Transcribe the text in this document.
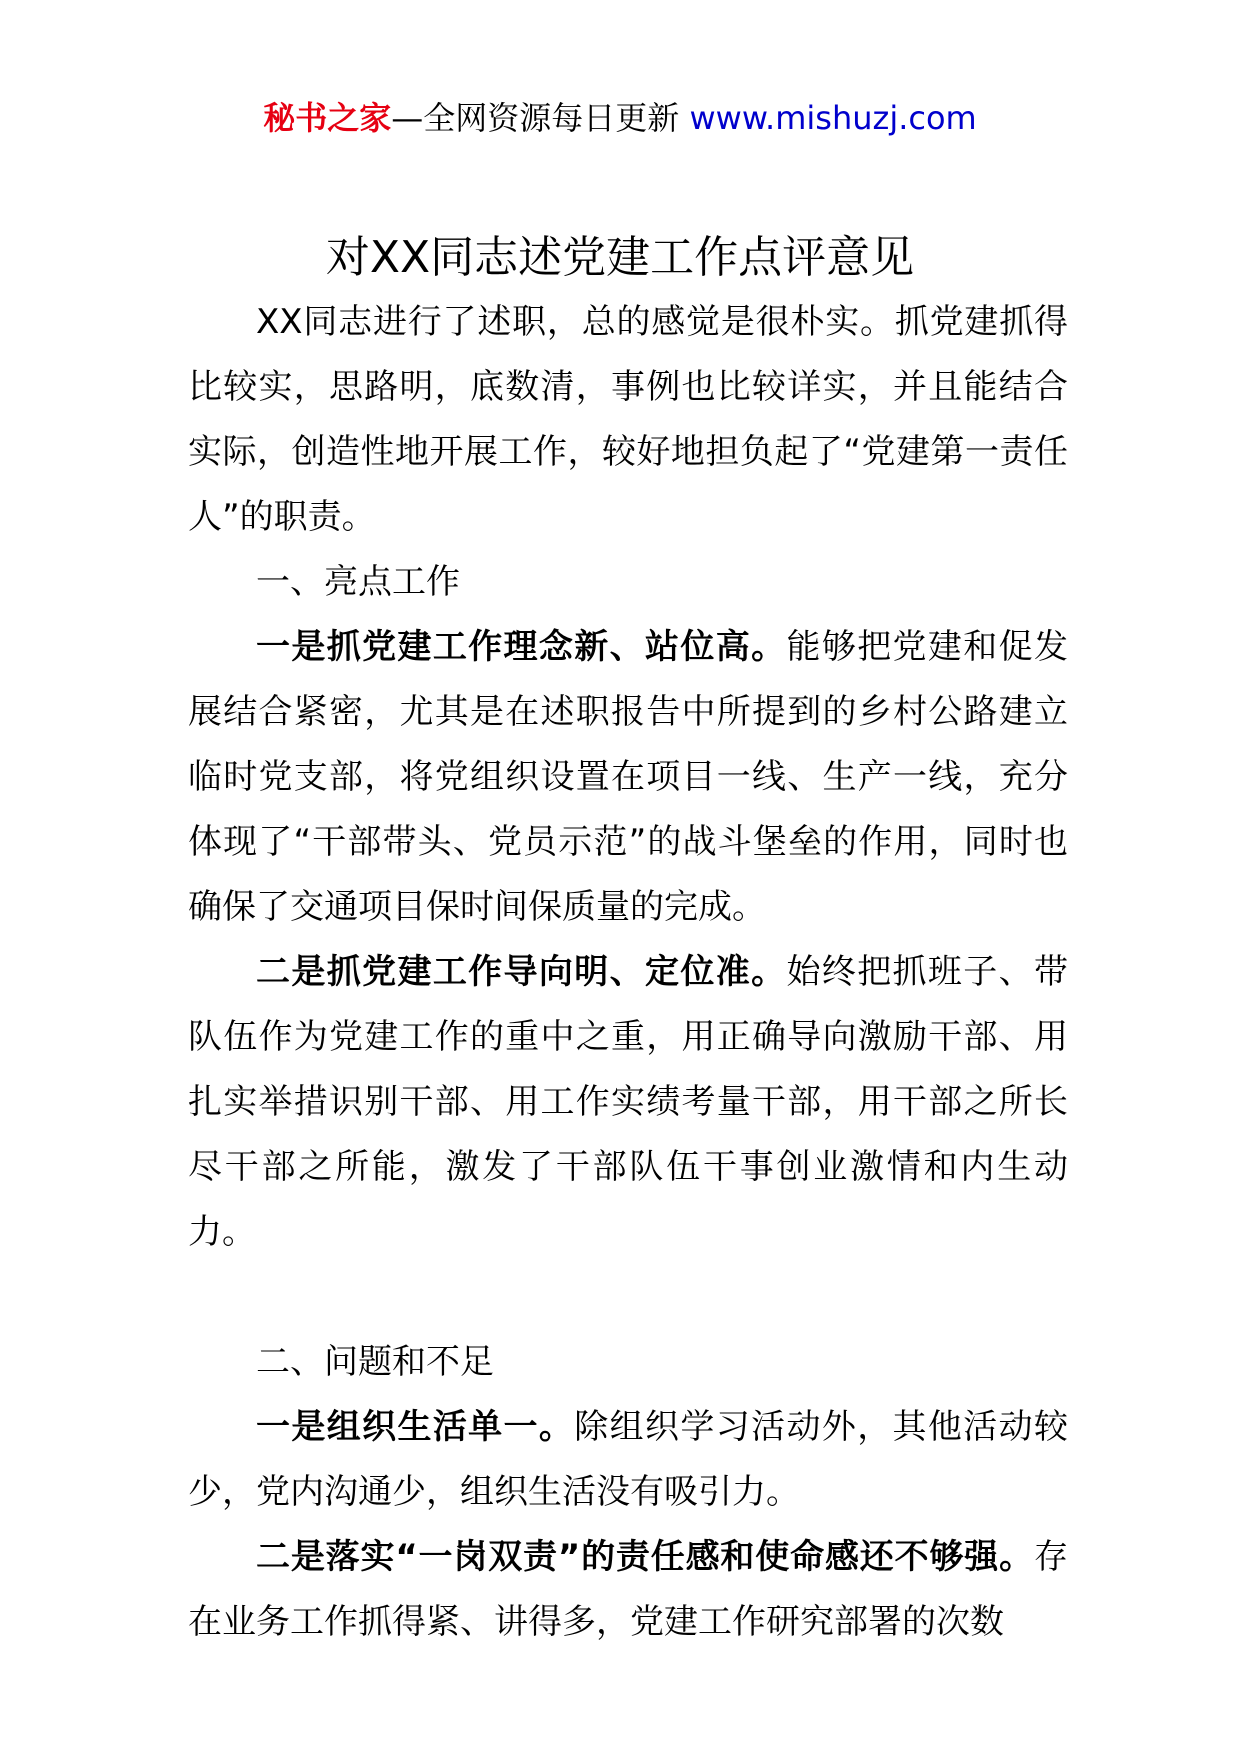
秘书之家—全网资源每日更新 www.mishuzj.com
对XX同志述党建工作点评意见

XX同志进行了述职，总的感觉是很朴实。抓党建抓得比较实，思路明，底数清，事例也比较详实，并且能结合实际，创造性地开展工作，较好地担负起了“党建第一责任人”的职责。

一、亮点工作

一是抓党建工作理念新、站位高。能够把党建和促发展结合紧密，尤其是在述职报告中所提到的乡村公路建立临时党支部，将党组织设置在项目一线、生产一线，充分体现了“干部带头、党员示范”的战斗堡垒的作用，同时也确保了交通项目保时间保质量的完成。

二是抓党建工作导向明、定位准。始终把抓班子、带队伍作为党建工作的重中之重，用正确导向激励干部、用扎实举措识别干部、用工作实绩考量干部，用干部之所长尽干部之所能，激发了干部队伍干事创业激情和内生动力。

二、问题和不足

一是组织生活单一。除组织学习活动外，其他活动较少，党内沟通少，组织生活没有吸引力。

二是落实“一岗双责”的责任感和使命感还不够强。存在业务工作抓得紧、讲得多，党建工作研究部署的次数
